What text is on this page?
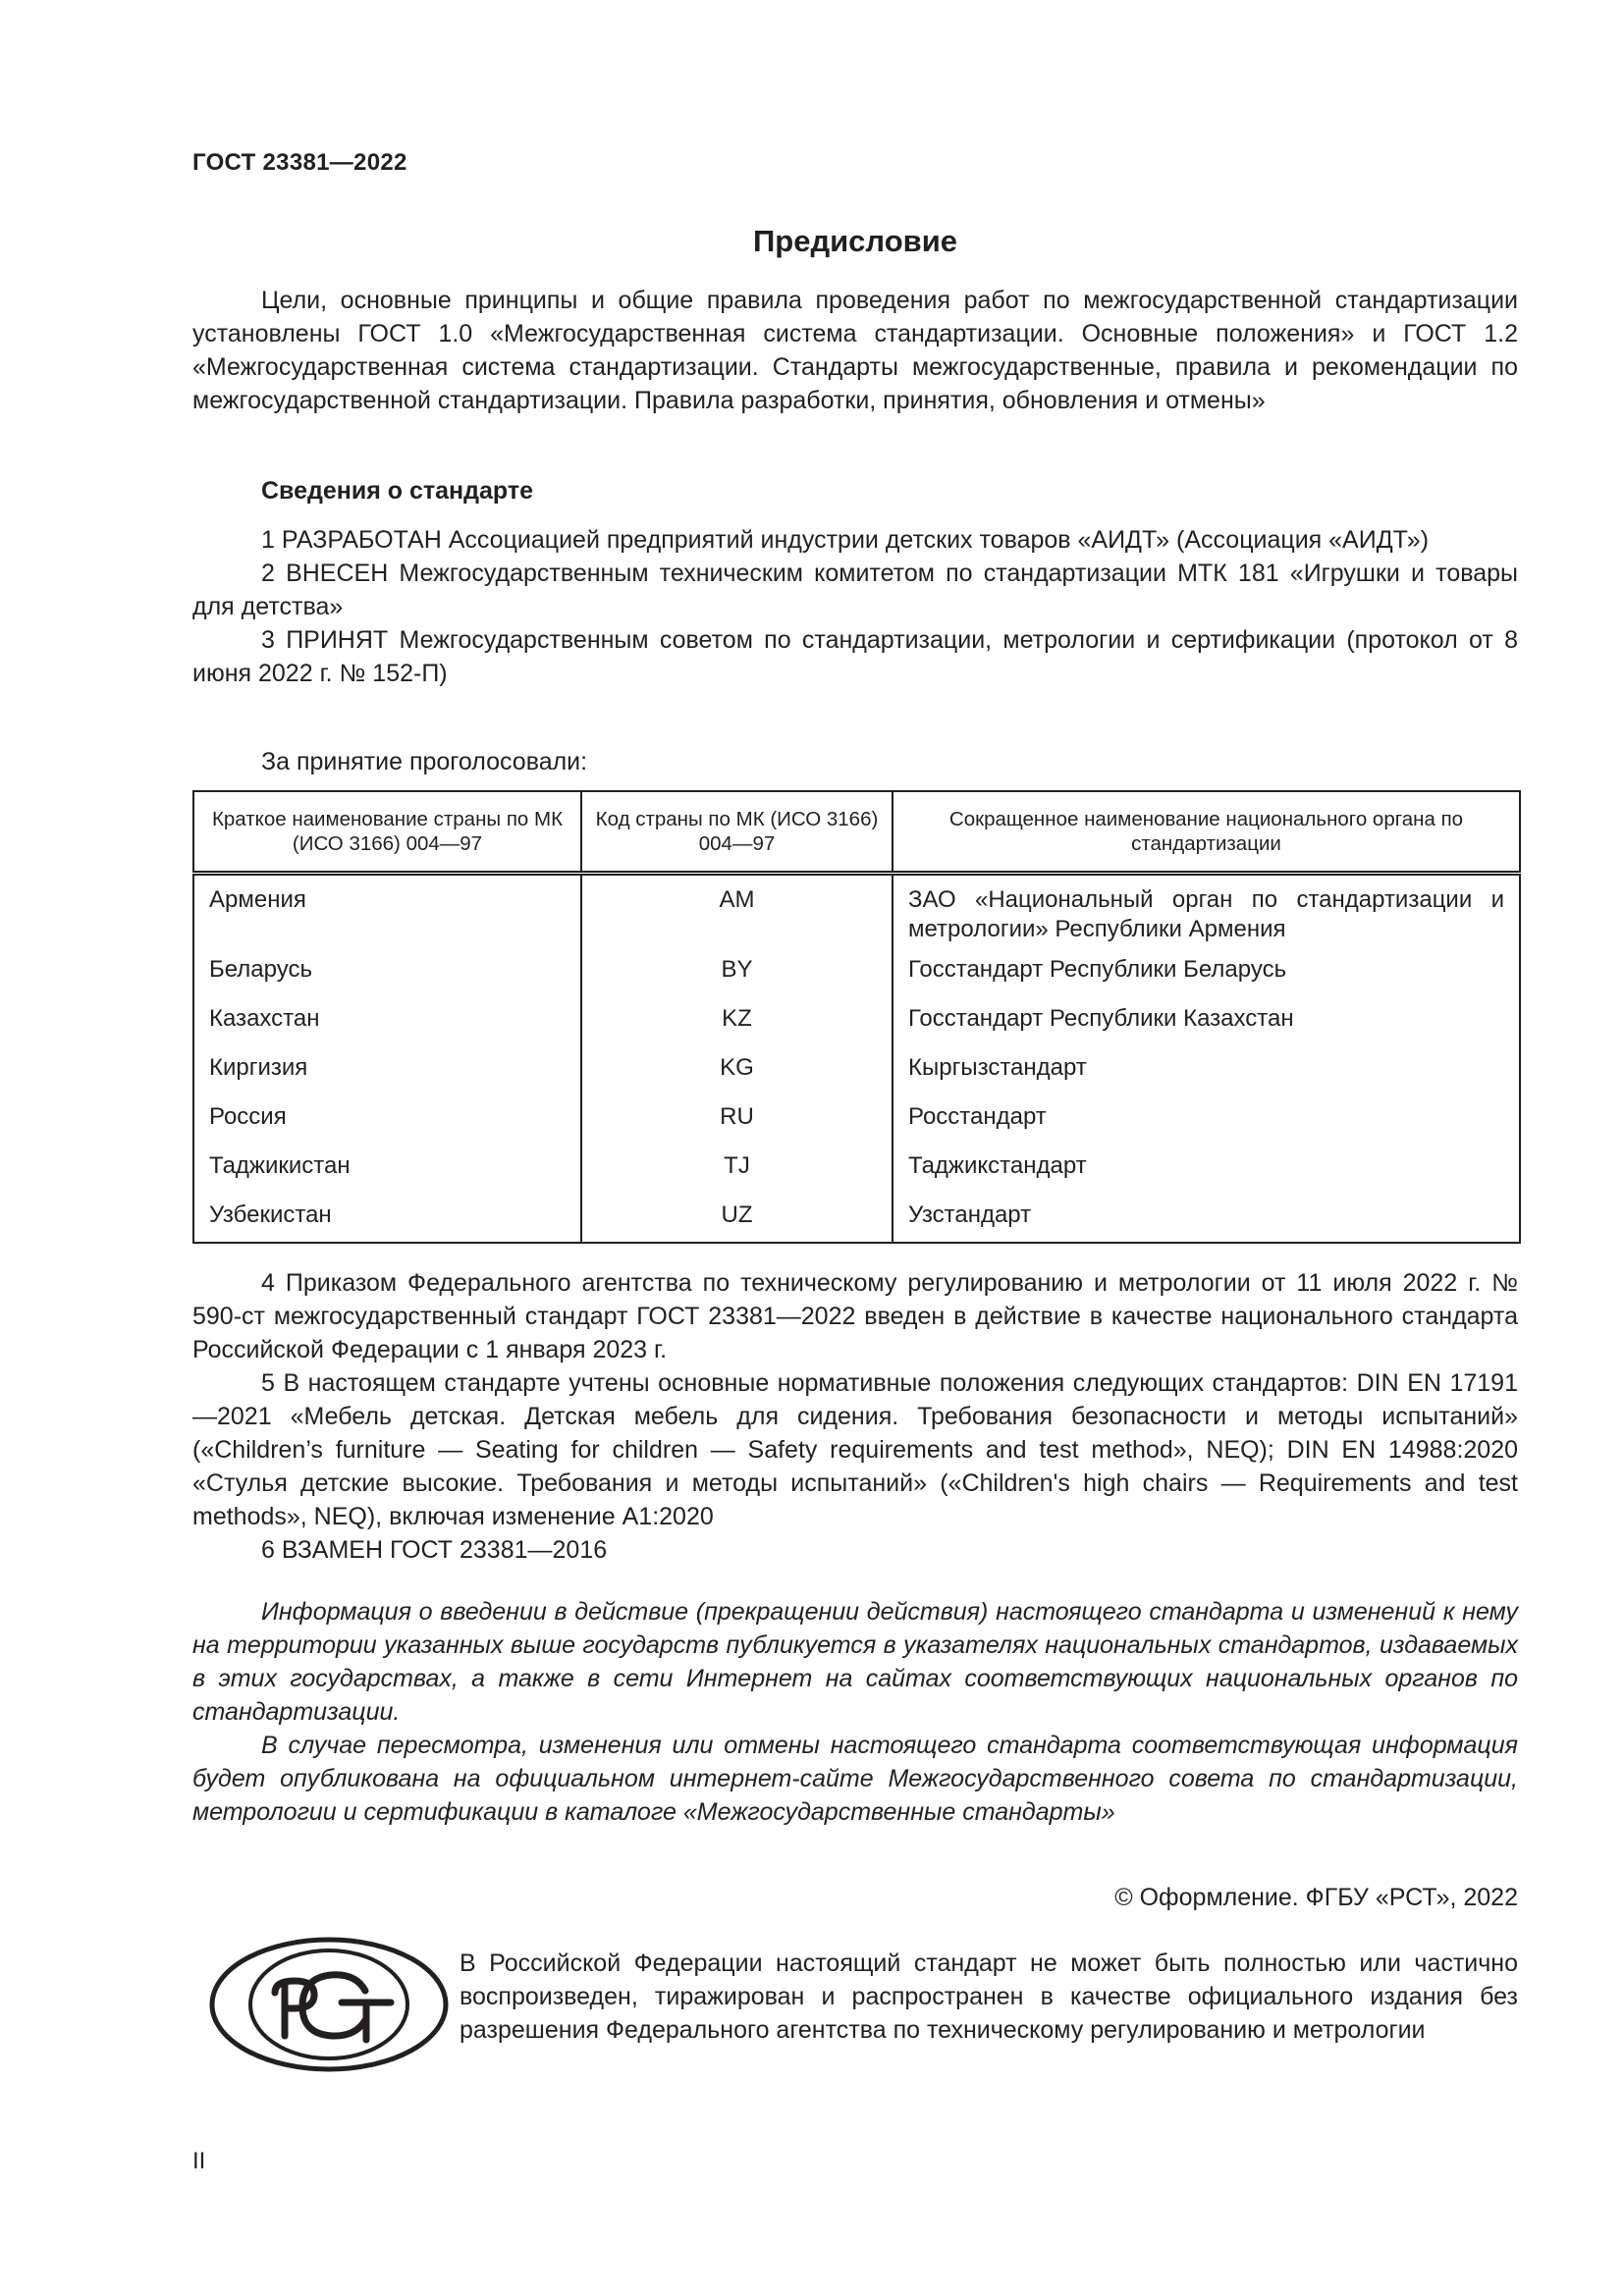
ГОСТ 23381—2022
Предисловие

Цели, основные принципы и общие правила проведения работ по межгосударственной стандартизации установлены ГОСТ 1.0 «Межгосударственная система стандартизации. Основные положения» и ГОСТ 1.2 «Межгосударственная система стандартизации. Стандарты межгосударственные, правила и рекомендации по межгосударственной стандартизации. Правила разработки, принятия, обновления и отмены»

Сведения о стандарте

1 РАЗРАБОТАН Ассоциацией предприятий индустрии детских товаров «АИДТ» (Ассоциация «АИДТ»)

2 ВНЕСЕН Межгосударственным техническим комитетом по стандартизации МТК 181 «Игрушки и товары для детства»

3 ПРИНЯТ Межгосударственным советом по стандартизации, метрологии и сертификации (протокол от 8 июня 2022 г. № 152-П)

За принятие проголосовали:
Краткое наименование страны по МК (ИСО 3166) 004—97	Код страны по МК (ИСО 3166) 004—97	Сокращенное наименование национального органа по стандартизации
Армения	AM	ЗАО «Национальный орган по стандартизации и метрологии» Республики Армения
Беларусь	BY	Госстандарт Республики Беларусь
Казахстан	KZ	Госстандарт Республики Казахстан
Киргизия	KG	Кыргызстандарт
Россия	RU	Росстандарт
Таджикистан	TJ	Таджикстандарт
Узбекистан	UZ	Узстандарт

4 Приказом Федерального агентства по техническому регулированию и метрологии от 11 июля 2022 г. № 590-ст межгосударственный стандарт ГОСТ 23381—2022 введен в действие в качестве национального стандарта Российской Федерации с 1 января 2023 г.

5 В настоящем стандарте учтены основные нормативные положения следующих стандартов: DIN EN 17191—2021 «Мебель детская. Детская мебель для сидения. Требования безопасности и методы испытаний» («Children’s furniture — Seating for children — Safety requirements and test method», NEQ); DIN EN 14988:2020 «Стулья детские высокие. Требования и методы испытаний» («Children's high chairs — Requirements and test methods», NEQ), включая изменение A1:2020

6 ВЗАМЕН ГОСТ 23381—2016

Информация о введении в действие (прекращении действия) настоящего стандарта и изменений к нему на территории указанных выше государств публикуется в указателях национальных стандартов, издаваемых в этих государствах, а также в сети Интернет на сайтах соответствующих национальных органов по стандартизации.

В случае пересмотра, изменения или отмены настоящего стандарта соответствующая информация будет опубликована на официальном интернет-сайте Межгосударственного совета по стандартизации, метрологии и сертификации в каталоге «Межгосударственные стандарты»

© Оформление. ФГБУ «РСТ», 2022
В Российской Федерации настоящий стандарт не может быть полностью или частично воспроизведен, тиражирован и распространен в качестве официального издания без разрешения Федерального агентства по техническому регулированию и метрологии
II
